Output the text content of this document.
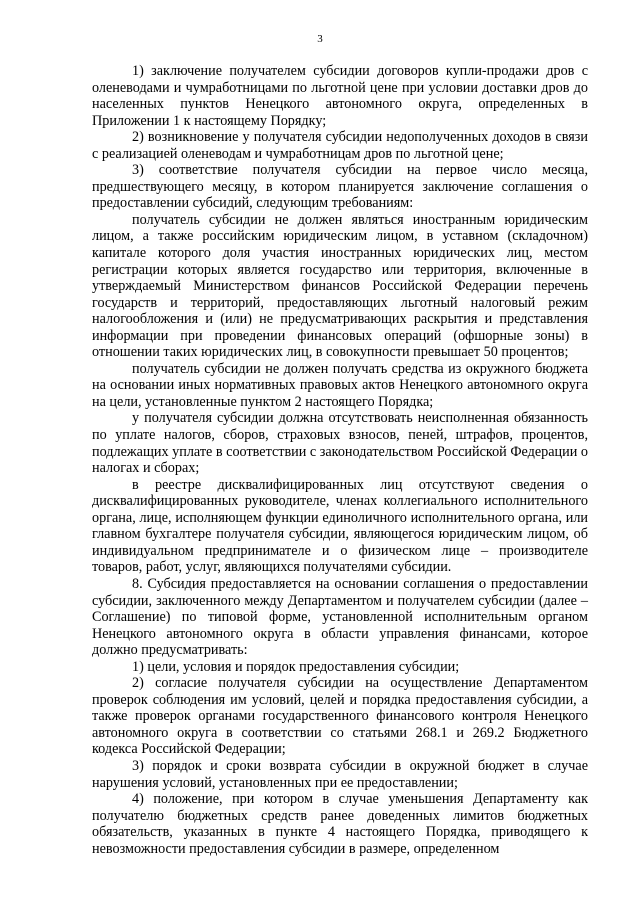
3

1) заключение получателем субсидии договоров купли-продажи дров с оленеводами и чумработницами по льготной цене при условии доставки дров до населенных пунктов Ненецкого автономного округа, определенных в Приложении 1 к настоящему Порядку;

2) возникновение у получателя субсидии недополученных доходов в связи с реализацией оленеводам и чумработницам дров по льготной цене;

3) соответствие получателя субсидии на первое число месяца, предшествующего месяцу, в котором планируется заключение соглашения о предоставлении субсидий, следующим требованиям:

получатель субсидии не должен являться иностранным юридическим лицом, а также российским юридическим лицом, в уставном (складочном) капитале которого доля участия иностранных юридических лиц, местом регистрации которых является государство или территория, включенные в утверждаемый Министерством финансов Российской Федерации перечень государств и территорий, предоставляющих льготный налоговый режим налогообложения и (или) не предусматривающих раскрытия и представления информации при проведении финансовых операций (офшорные зоны) в отношении таких юридических лиц, в совокупности превышает 50 процентов;

получатель субсидии не должен получать средства из окружного бюджета на основании иных нормативных правовых актов Ненецкого автономного округа на цели, установленные пунктом 2 настоящего Порядка;

у получателя субсидии должна отсутствовать неисполненная обязанность по уплате налогов, сборов, страховых взносов, пеней, штрафов, процентов, подлежащих уплате в соответствии с законодательством Российской Федерации о налогах и сборах;

в реестре дисквалифицированных лиц отсутствуют сведения о дисквалифицированных руководителе, членах коллегиального исполнительного органа, лице, исполняющем функции единоличного исполнительного органа, или главном бухгалтере получателя субсидии, являющегося юридическим лицом, об индивидуальном предпринимателе и о физическом лице – производителе товаров, работ, услуг, являющихся получателями субсидии.

8. Субсидия предоставляется на основании соглашения о предоставлении субсидии, заключенного между Департаментом и получателем субсидии (далее – Соглашение) по типовой форме, установленной исполнительным органом Ненецкого автономного округа в области управления финансами, которое должно предусматривать:

1) цели, условия и порядок предоставления субсидии;

2) согласие получателя субсидии на осуществление Департаментом проверок соблюдения им условий, целей и порядка предоставления субсидии, а также проверок органами государственного финансового контроля Ненецкого автономного округа в соответствии со статьями 268.1 и 269.2 Бюджетного кодекса Российской Федерации;

3) порядок и сроки возврата субсидии в окружной бюджет в случае нарушения условий, установленных при ее предоставлении;

4) положение, при котором в случае уменьшения Департаменту как получателю бюджетных средств ранее доведенных лимитов бюджетных обязательств, указанных в пункте 4 настоящего Порядка, приводящего к невозможности предоставления субсидии в размере, определенном
